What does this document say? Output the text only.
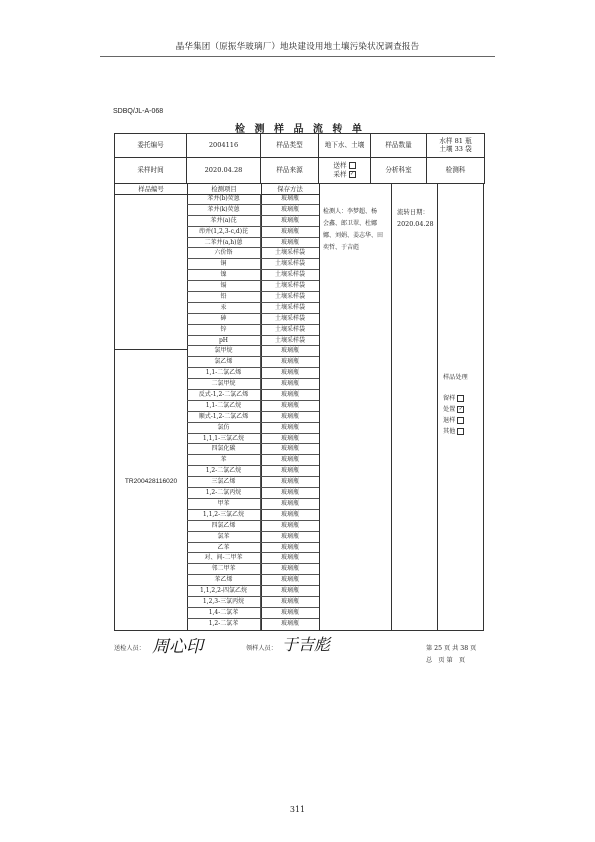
晶华集团（原振华玻璃厂）地块建设用地土壤污染状况调查报告
SDBQ/JL-A-068
检 测 样 品 流 转 单
委托编号	2004116	样品类型	地下水、土壤	样品数量	水样 81 瓶
土壤 33 袋

采样时间	2020.04.28	样品来源	送样
采样 ✓	分析科室	检测科
样品编号	检测项目	保存方法
TR200428116020
苯并(b)荧蒽	玻璃瓶
苯并(k)荧蒽	玻璃瓶
苯并(a)芘	玻璃瓶
茚并(1,2,3-c,d)芘	玻璃瓶
二苯并(a,h)蒽	玻璃瓶
六价铬	土壤采样袋
铜	土壤采样袋
镍	土壤采样袋
镉	土壤采样袋
铅	土壤采样袋
汞	土壤采样袋
砷	土壤采样袋
锌	土壤采样袋
pH	土壤采样袋
氯甲烷	玻璃瓶
氯乙烯	玻璃瓶
1,1-二氯乙烯	玻璃瓶
二氯甲烷	玻璃瓶
反式-1,2-二氯乙烯	玻璃瓶
1,1-二氯乙烷	玻璃瓶
顺式-1,2-二氯乙烯	玻璃瓶
氯仿	玻璃瓶
1,1,1-三氯乙烷	玻璃瓶
四氯化碳	玻璃瓶
苯	玻璃瓶
1,2-二氯乙烷	玻璃瓶
三氯乙烯	玻璃瓶
1,2-二氯丙烷	玻璃瓶
甲苯	玻璃瓶
1,1,2-三氯乙烷	玻璃瓶
四氯乙烯	玻璃瓶
氯苯	玻璃瓶
乙苯	玻璃瓶
对、间-二甲苯	玻璃瓶
邻二甲苯	玻璃瓶
苯乙烯	玻璃瓶
1,1,2,2-四氯乙烷	玻璃瓶
1,2,3-三氯丙烷	玻璃瓶
1,4-二氯苯	玻璃瓶
1,2-二氯苯	玻璃瓶
检测人：李梦超、杨会鑫、郎卫翠、杜娜娜、刘娟、姜志华、田奕哲、于吉彪
流转日期：
2020.04.28
样品处理
留样
处置 ✓
退样
其他
送检人员： 周心印	领样人员： 于吉彪	第 25 页 共 38 页
总　页 第　页
311
